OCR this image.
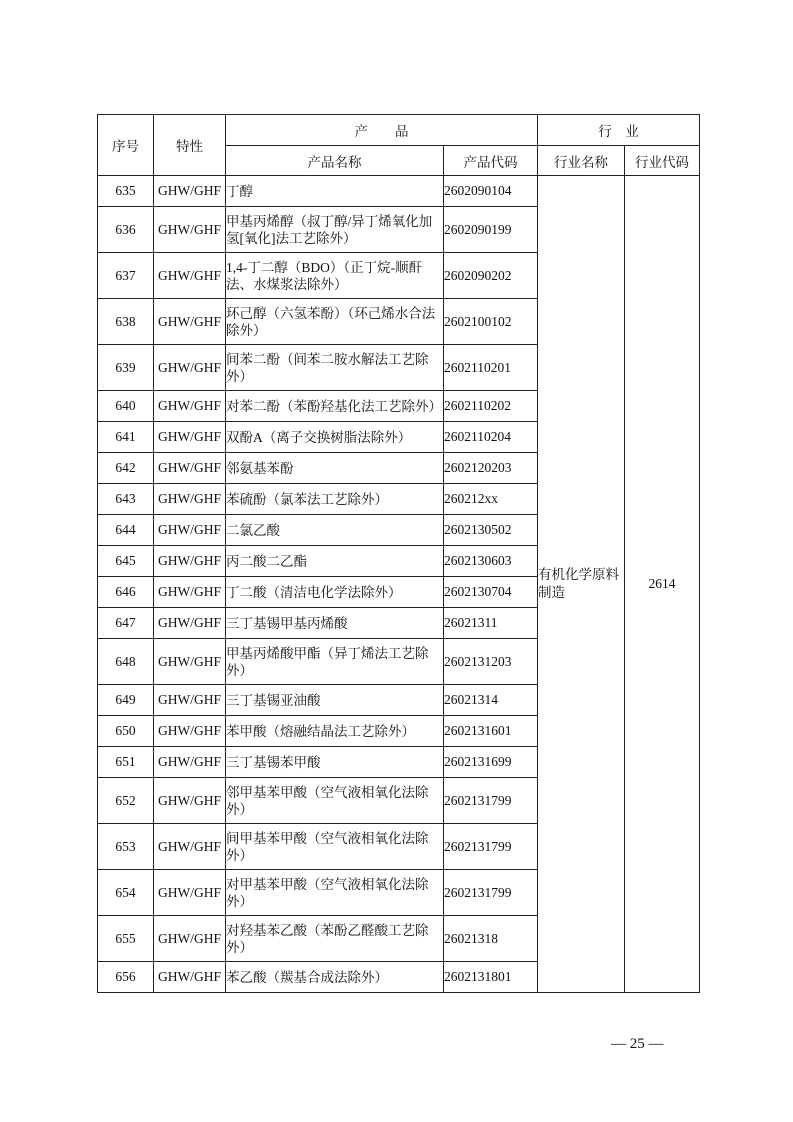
序号	特性	产　　品		行　业	
		产品名称	产品代码	行业名称	行业代码
635	GHW/GHF	丁醇	2602090104	有机化学原料制造	2614
636	GHW/GHF	甲基丙烯醇（叔丁醇/异丁烯氧化加氢[氧化]法工艺除外）	2602090199		
637	GHW/GHF	1,4-丁二醇（BDO）（正丁烷-顺酐法、水煤浆法除外）	2602090202		
638	GHW/GHF	环己醇（六氢苯酚）（环己烯水合法除外）	2602100102		
639	GHW/GHF	间苯二酚（间苯二胺水解法工艺除外）	2602110201		
640	GHW/GHF	对苯二酚（苯酚羟基化法工艺除外）	2602110202		
641	GHW/GHF	双酚A（离子交换树脂法除外）	2602110204		
642	GHW/GHF	邻氨基苯酚	2602120203		
643	GHW/GHF	苯硫酚（氯苯法工艺除外）	260212xx		
644	GHW/GHF	二氯乙酸	2602130502		
645	GHW/GHF	丙二酸二乙酯	2602130603		
646	GHW/GHF	丁二酸（清洁电化学法除外）	2602130704		
647	GHW/GHF	三丁基锡甲基丙烯酸	26021311		
648	GHW/GHF	甲基丙烯酸甲酯（异丁烯法工艺除外）	2602131203		
649	GHW/GHF	三丁基锡亚油酸	26021314		
650	GHW/GHF	苯甲酸（熔融结晶法工艺除外）	2602131601		
651	GHW/GHF	三丁基锡苯甲酸	2602131699		
652	GHW/GHF	邻甲基苯甲酸（空气液相氧化法除外）	2602131799		
653	GHW/GHF	间甲基苯甲酸（空气液相氧化法除外）	2602131799		
654	GHW/GHF	对甲基苯甲酸（空气液相氧化法除外）	2602131799		
655	GHW/GHF	对羟基苯乙酸（苯酚乙醛酸工艺除外）	26021318		
656	GHW/GHF	苯乙酸（羰基合成法除外）	2602131801		
— 25 —
